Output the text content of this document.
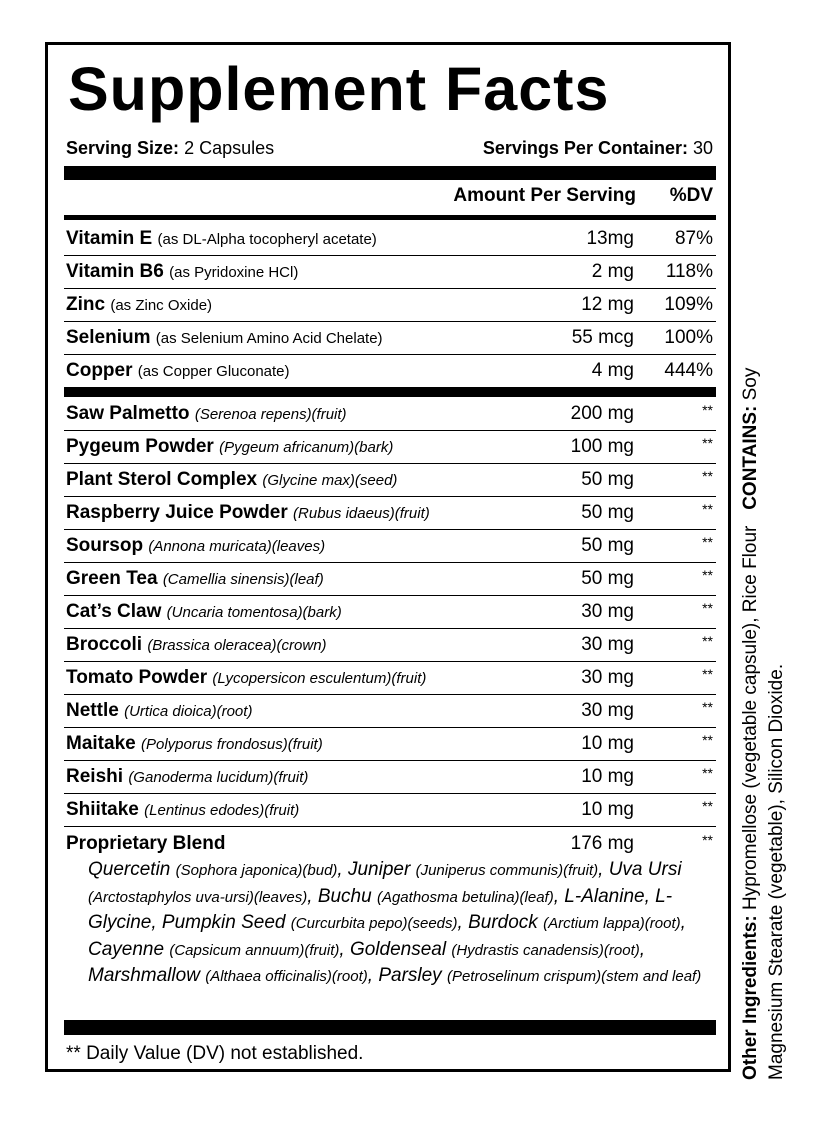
Supplement Facts
Serving Size: 2 Capsules	Servings Per Container: 30
Amount Per Serving %DV
Vitamin E (as DL-Alpha tocopheryl acetate)	13mg 87%
Vitamin B6 (as Pyridoxine HCl)	2 mg 118%
Zinc (as Zinc Oxide)	12 mg 109%
Selenium (as Selenium Amino Acid Chelate)	55 mcg 100%
Copper (as Copper Gluconate)	4 mg 444%
Saw Palmetto (Serenoa repens)(fruit)	200 mg	**
Pygeum Powder (Pygeum africanum)(bark)	100 mg	**
Plant Sterol Complex (Glycine max)(seed)	50 mg	**
Raspberry Juice Powder (Rubus idaeus)(fruit)	50 mg	**
Soursop (Annona muricata)(leaves)	50 mg	**
Green Tea (Camellia sinensis)(leaf)	50 mg	**
Cat’s Claw (Uncaria tomentosa)(bark)	30 mg	**
Broccoli (Brassica oleracea)(crown)	30 mg	**
Tomato Powder (Lycopersicon esculentum)(fruit)	30 mg	**
Nettle (Urtica dioica)(root)	30 mg	**
Maitake (Polyporus frondosus)(fruit)	10 mg	**
Reishi (Ganoderma lucidum)(fruit)	10 mg	**
Shiitake (Lentinus edodes)(fruit)	10 mg	**
Proprietary Blend	176 mg	**
Quercetin (Sophora japonica)(bud), Juniper (Juniperus communis)(fruit), Uva Ursi (Arctostaphylos uva-ursi)(leaves), Buchu (Agathosma betulina)(leaf), L-Alanine, L-Glycine, Pumpkin Seed (Curcurbita pepo)(seeds), Burdock (Arctium lappa)(root), Cayenne (Capsicum annuum)(fruit), Goldenseal (Hydrastis canadensis)(root), Marshmallow (Althaea officinalis)(root), Parsley (Petroselinum crispum)(stem and leaf)
** Daily Value (DV) not established.	Other Ingredients: Hypromellose (vegetable capsule), Rice Flour   CONTAINS: Soy
Magnesium Stearate (vegetable), Silicon Dioxide.
